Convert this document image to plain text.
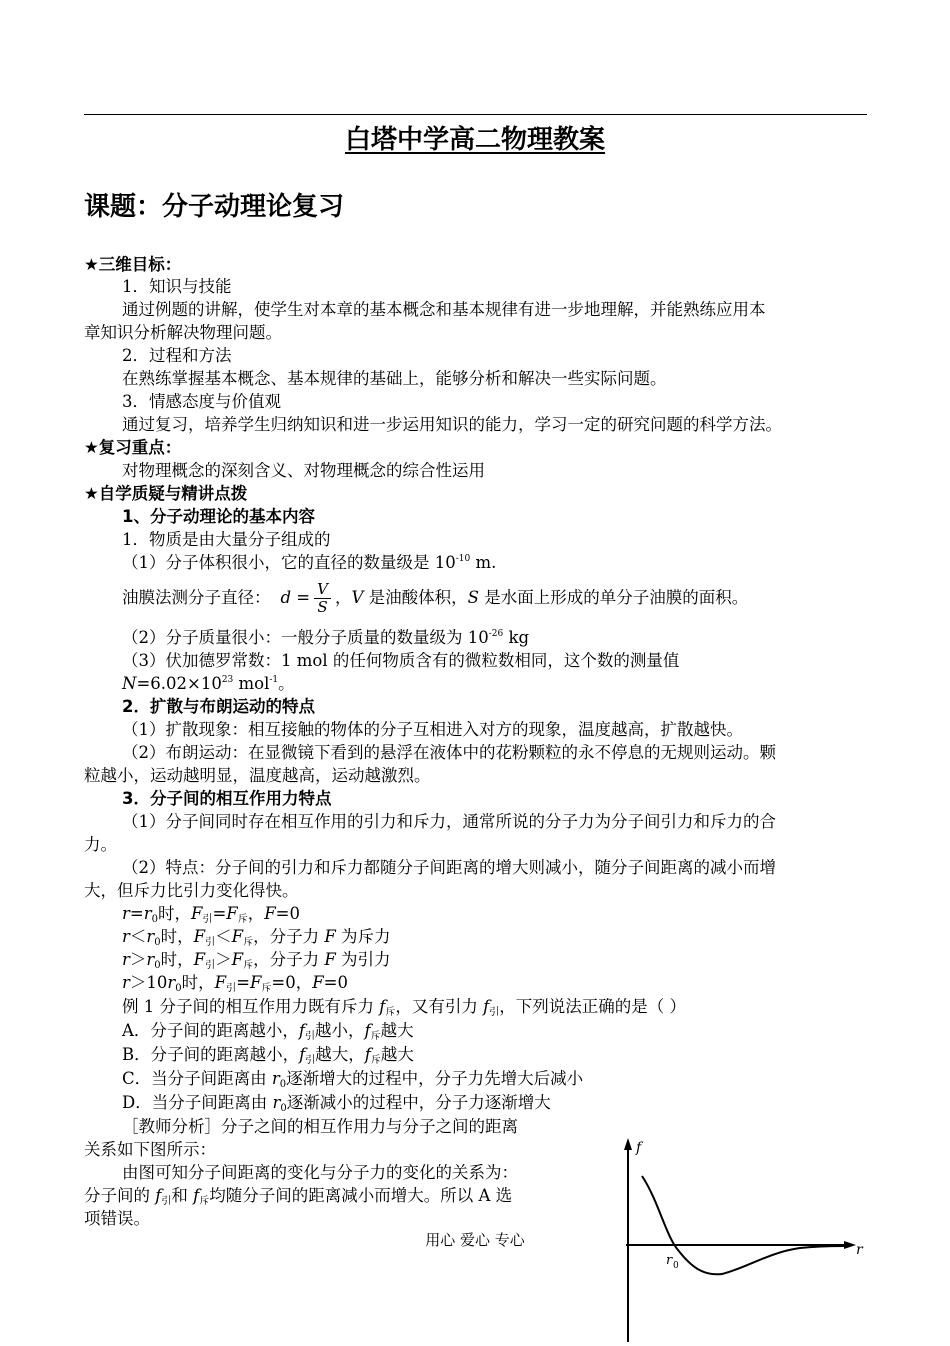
白塔中学高二物理教案
课题：分子动理论复习
★三维目标：
1．知识与技能
通过例题的讲解，使学生对本章的基本概念和基本规律有进一步地理解，并能熟练应用本
章知识分析解决物理问题。
2．过程和方法
在熟练掌握基本概念、基本规律的基础上，能够分析和解决一些实际问题。
3．情感态度与价值观
通过复习，培养学生归纳知识和进一步运用知识的能力，学习一定的研究问题的科学方法。
★复习重点：
对物理概念的深刻含义、对物理概念的综合性运用
★自学质疑与精讲点拨
1、分子动理论的基本内容
1．物质是由大量分子组成的
（1）分子体积很小，它的直径的数量级是 $10^{-10}$ m.
油膜法测分子直径： $d = \frac{V}{S}$ ，V 是油酸体积，S 是水面上形成的单分子油膜的面积。
（2）分子质量很小：一般分子质量的数量级为 $10^{-26}$ kg
（3）伏加德罗常数：1 mol 的任何物质含有的微粒数相同，这个数的测量值
$N=6.02\times 10^{23}$ mol$^{-1}$。
2．扩散与布朗运动的特点
（1）扩散现象：相互接触的物体的分子互相进入对方的现象，温度越高，扩散越快。
（2）布朗运动：在显微镜下看到的悬浮在液体中的花粉颗粒的永不停息的无规则运动。颗
粒越小，运动越明显，温度越高，运动越激烈。
3．分子间的相互作用力特点
（1）分子间同时存在相互作用的引力和斥力，通常所说的分子力为分子间引力和斥力的合
力。
（2）特点：分子间的引力和斥力都随分子间距离的增大则减小，随分子间距离的减小而增
大，但斥力比引力变化得快。
$r=r_0$时，$F_引=F_斥$，F=0
$r<r_0$时，$F_引<F_斥$，分子力 F 为斥力
$r>r_0$时，$F_引>F_斥$，分子力 F 为引力
$r>10r_0$时，$F_引=F_斥=0$，F=0
例 1 分子间的相互作用力既有斥力 $f_斥$，又有引力 $f_引$，下列说法正确的是（ ）
A．分子间的距离越小，$f_引$越小，$f_斥$越大
B．分子间的距离越小，$f_引$越大，$f_斥$越大
C．当分子间距离由 $r_0$逐渐增大的过程中，分子力先增大后减小
D．当分子间距离由 $r_0$逐渐减小的过程中，分子力逐渐增大
［教师分析］分子之间的相互作用力与分子之间的距离
关系如下图所示：
由图可知分子间距离的变化与分子力的变化的关系为：
分子间的 $f_引$和 $f_斥$均随分子间的距离减小而增大。所以 A 选
项错误。
f
r
r 0
用心 爱心 专心
